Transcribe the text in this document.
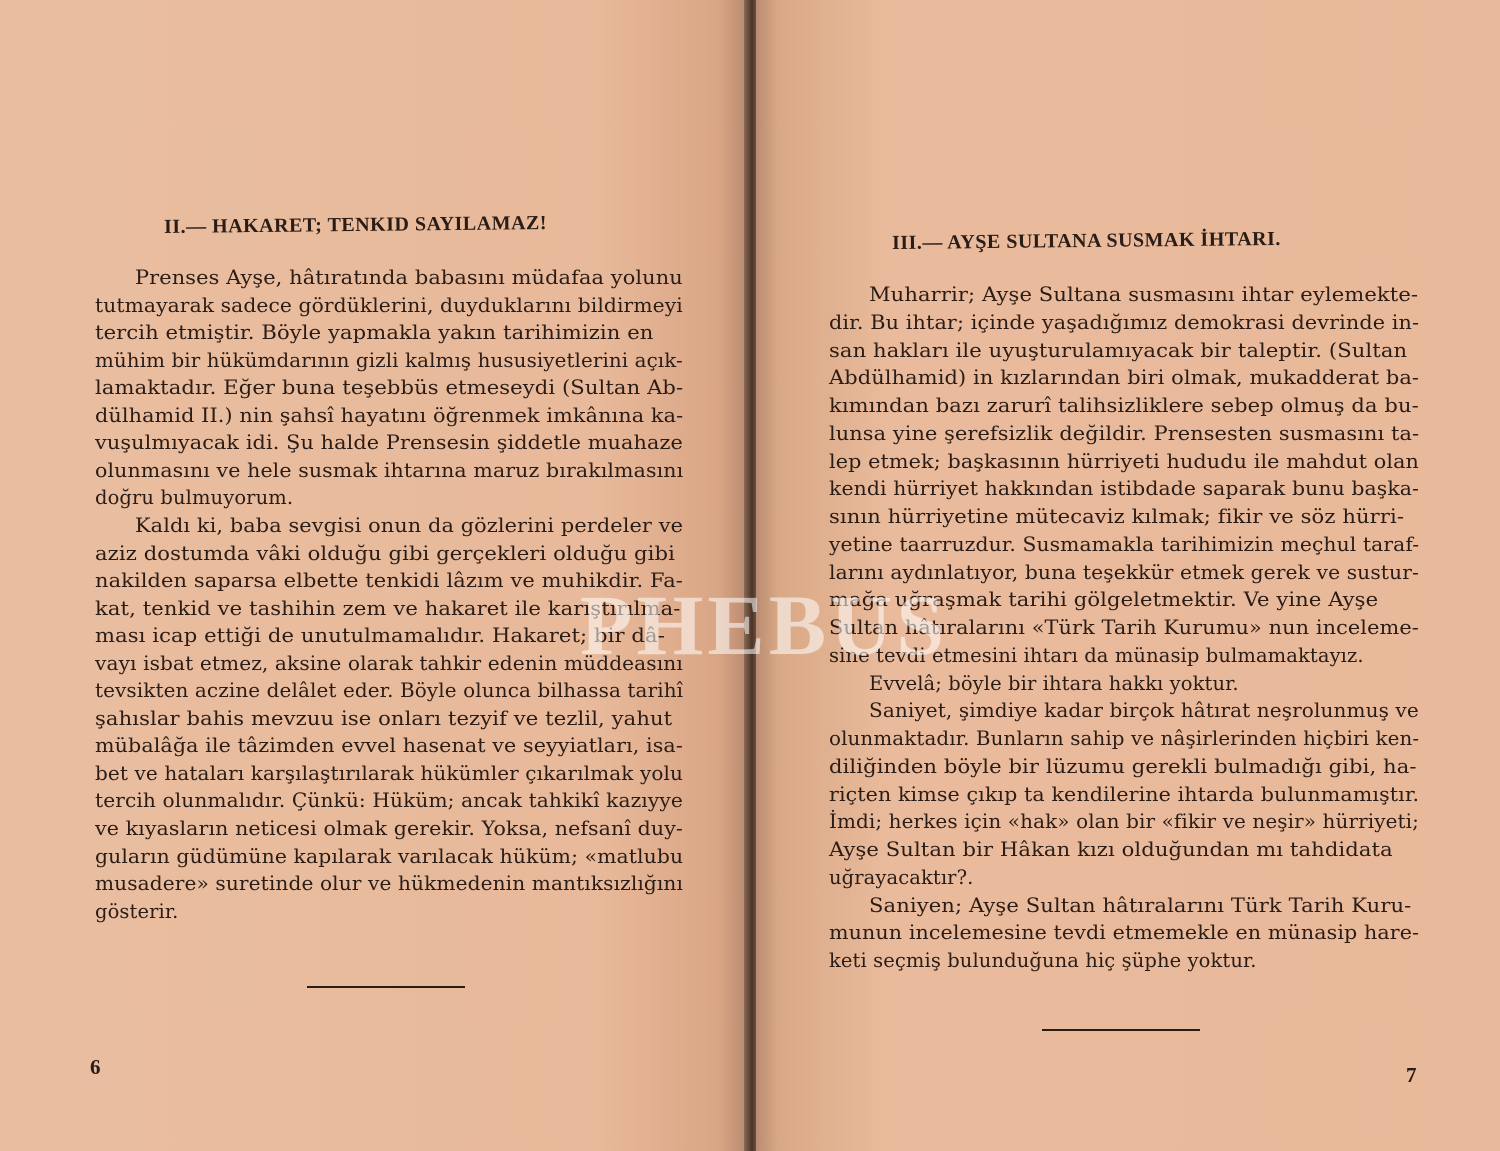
II.— HAKARET; TENKID SAYILAMAZ!
Prenses Ayşe, hâtıratında babasını müdafaa yolunu
tutmayarak sadece gördüklerini, duyduklarını bildirmeyi
tercih etmiştir. Böyle yapmakla yakın tarihimizin en
mühim bir hükümdarının gizli kalmış hususiyetlerini açık-
lamaktadır. Eğer buna teşebbüs etmeseydi (Sultan Ab-
dülhamid II.) nin şahsî hayatını öğrenmek imkânına ka-
vuşulmıyacak idi. Şu halde Prensesin şiddetle muahaze
olunmasını ve hele susmak ihtarına maruz bırakılmasını
doğru bulmuyorum.
Kaldı ki, baba sevgisi onun da gözlerini perdeler ve
aziz dostumda vâki olduğu gibi gerçekleri olduğu gibi
nakilden saparsa elbette tenkidi lâzım ve muhikdir. Fa-
kat, tenkid ve tashihin zem ve hakaret ile karıştırılma-
ması icap ettiği de unutulmamalıdır. Hakaret; bir dâ-
vayı isbat etmez, aksine olarak tahkir edenin müddeasını
tevsikten aczine delâlet eder. Böyle olunca bilhassa tarihî
şahıslar bahis mevzuu ise onları tezyif ve tezlil, yahut
mübalâğa ile tâzimden evvel hasenat ve seyyiatları, isa-
bet ve hataları karşılaştırılarak hükümler çıkarılmak yolu
tercih olunmalıdır. Çünkü: Hüküm; ancak tahkikî kazıyye
ve kıyasların neticesi olmak gerekir. Yoksa, nefsanî duy-
guların güdümüne kapılarak varılacak hüküm; «matlubu
musadere» suretinde olur ve hükmedenin mantıksızlığını
gösterir.
6
III.— AYŞE SULTANA SUSMAK İHTARI.
Muharrir; Ayşe Sultana susmasını ihtar eylemekte-
dir. Bu ihtar; içinde yaşadığımız demokrasi devrinde in-
san hakları ile uyuşturulamıyacak bir taleptir. (Sultan
Abdülhamid) in kızlarından biri olmak, mukadderat ba-
kımından bazı zarurî talihsizliklere sebep olmuş da bu-
lunsa yine şerefsizlik değildir. Prensesten susmasını ta-
lep etmek; başkasının hürriyeti hududu ile mahdut olan
kendi hürriyet hakkından istibdade saparak bunu başka-
sının hürriyetine mütecaviz kılmak; fikir ve söz hürri-
yetine taarruzdur. Susmamakla tarihimizin meçhul taraf-
larını aydınlatıyor, buna teşekkür etmek gerek ve sustur-
mağa uğraşmak tarihi gölgeletmektir. Ve yine Ayşe
Sultan hâtıralarını «Türk Tarih Kurumu» nun inceleme-
sine tevdi etmesini ihtarı da münasip bulmamaktayız.
Evvelâ; böyle bir ihtara hakkı yoktur.
Saniyet, şimdiye kadar birçok hâtırat neşrolunmuş ve
olunmaktadır. Bunların sahip ve nâşirlerinden hiçbiri ken-
diliğinden böyle bir lüzumu gerekli bulmadığı gibi, ha-
riçten kimse çıkıp ta kendilerine ihtarda bulunmamıştır.
İmdi; herkes için «hak» olan bir «fikir ve neşir» hürriyeti;
Ayşe Sultan bir Hâkan kızı olduğundan mı tahdidata
uğrayacaktır?.
Saniyen; Ayşe Sultan hâtıralarını Türk Tarih Kuru-
munun incelemesine tevdi etmemekle en münasip hare-
keti seçmiş bulunduğuna hiç şüphe yoktur.
7
PHEBUS
